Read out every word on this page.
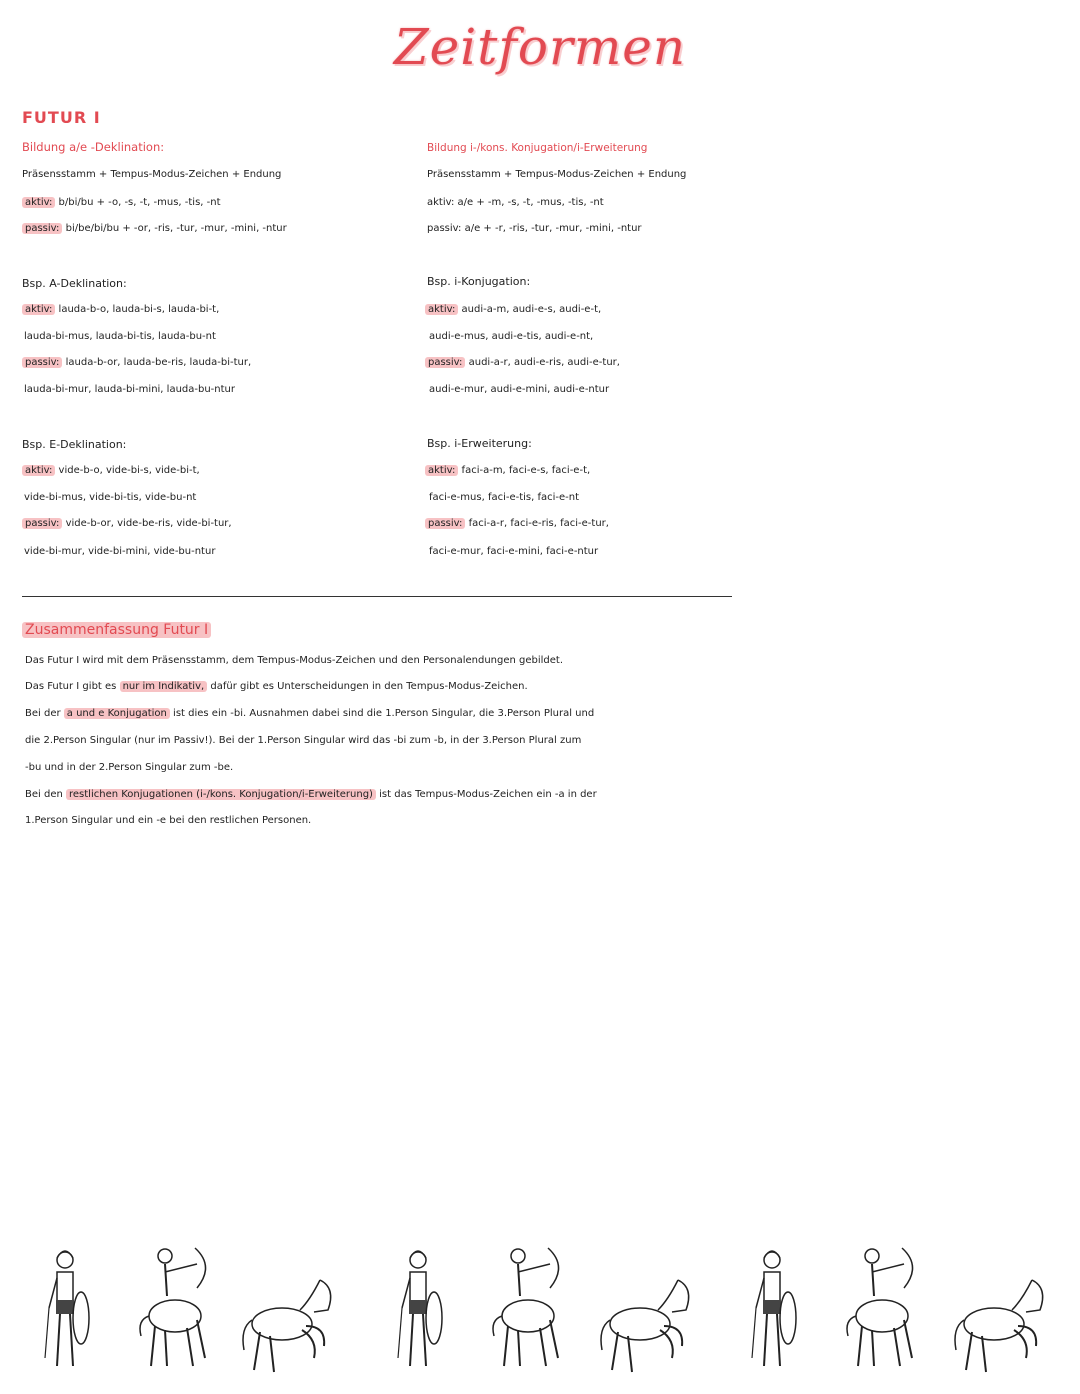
Zeitformen
FUTUR I
Bildung a/e -Deklination:
Präsensstamm + Tempus-Modus-Zeichen + Endung
aktiv: b/bi/bu + -o, -s, -t, -mus, -tis, -nt
passiv: bi/be/bi/bu + -or, -ris, -tur, -mur, -mini, -ntur
Bsp. A-Deklination:
aktiv: lauda-b-o, lauda-bi-s, lauda-bi-t,
lauda-bi-mus, lauda-bi-tis, lauda-bu-nt
passiv: lauda-b-or, lauda-be-ris, lauda-bi-tur,
lauda-bi-mur, lauda-bi-mini, lauda-bu-ntur
Bsp. E-Deklination:
aktiv: vide-b-o, vide-bi-s, vide-bi-t,
vide-bi-mus, vide-bi-tis, vide-bu-nt
passiv: vide-b-or, vide-be-ris, vide-bi-tur,
vide-bi-mur, vide-bi-mini, vide-bu-ntur
Bildung i-/kons. Konjugation/i-Erweiterung
Präsensstamm + Tempus-Modus-Zeichen + Endung
aktiv: a/e + -m, -s, -t, -mus, -tis, -nt
passiv: a/e + -r, -ris, -tur, -mur, -mini, -ntur
Bsp. i-Konjugation:
aktiv: audi-a-m, audi-e-s, audi-e-t,
audi-e-mus, audi-e-tis, audi-e-nt,
passiv: audi-a-r, audi-e-ris, audi-e-tur,
audi-e-mur, audi-e-mini, audi-e-ntur
Bsp. i-Erweiterung:
aktiv: faci-a-m, faci-e-s, faci-e-t,
faci-e-mus, faci-e-tis, faci-e-nt
passiv: faci-a-r, faci-e-ris, faci-e-tur,
faci-e-mur, faci-e-mini, faci-e-ntur
Zusammenfassung Futur I
Das Futur I wird mit dem Präsensstamm, dem Tempus-Modus-Zeichen und den Personalendungen gebildet.
Das Futur I gibt es nur im Indikativ, dafür gibt es Unterscheidungen in den Tempus-Modus-Zeichen.
Bei der a und e Konjugation ist dies ein -bi. Ausnahmen dabei sind die 1.Person Singular, die 3.Person Plural und
die 2.Person Singular (nur im Passiv!). Bei der 1.Person Singular wird das -bi zum -b, in der 3.Person Plural zum
-bu und in der 2.Person Singular zum -be.
Bei den restlichen Konjugationen (i-/kons. Konjugation/i-Erweiterung) ist das Tempus-Modus-Zeichen ein -a in der
1.Person Singular und ein -e bei den restlichen Personen.
